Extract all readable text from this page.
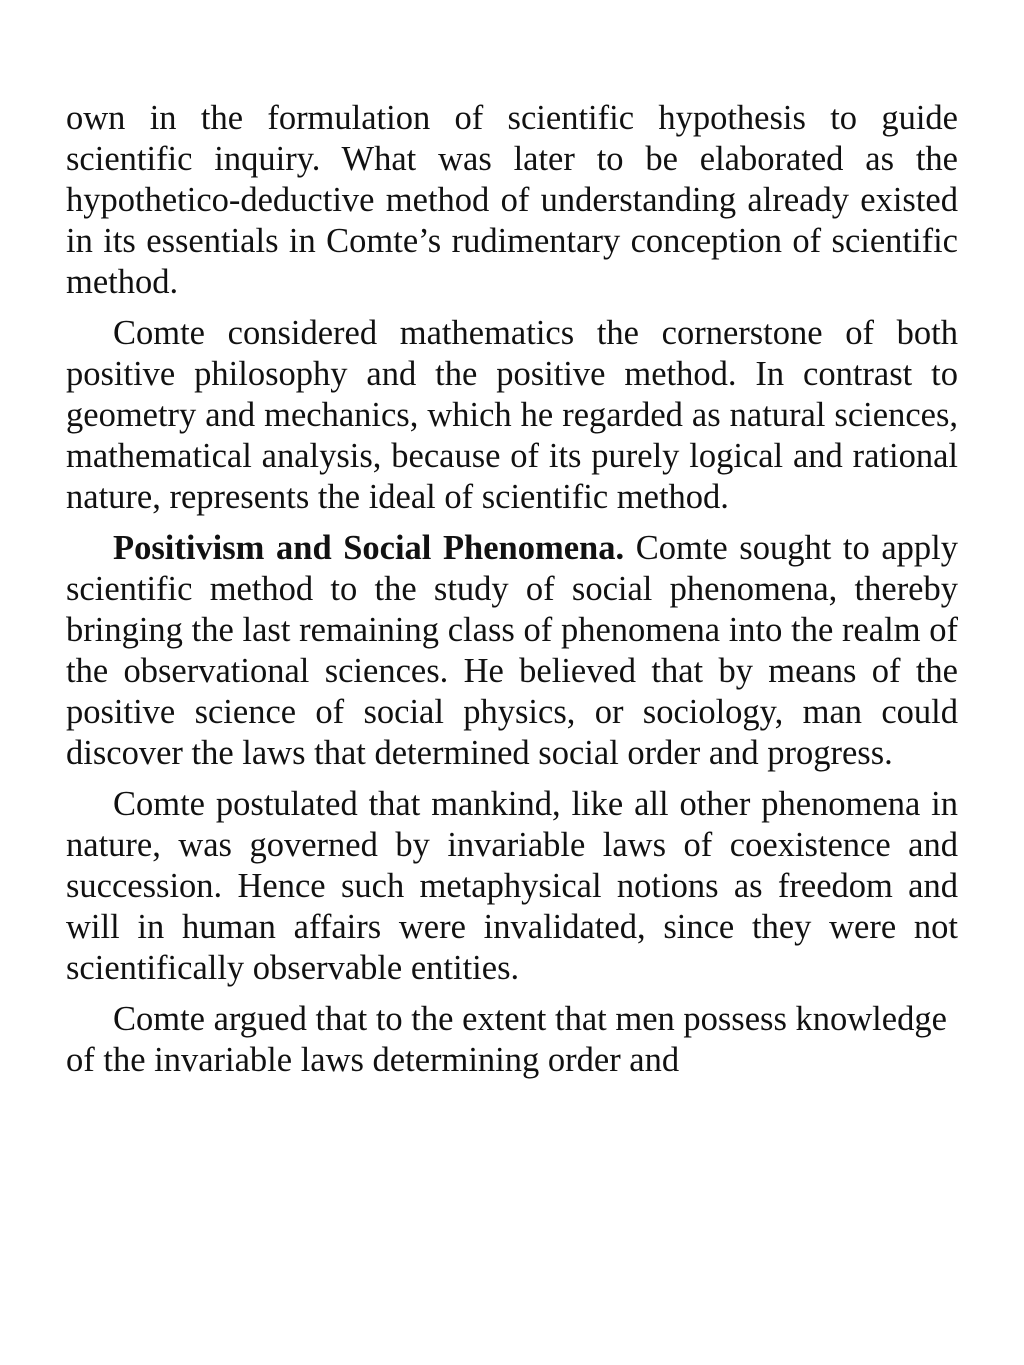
own in the formulation of scientific hypothesis to guide scientific inquiry. What was later to be elaborated as the hypothetico-deductive method of understanding already existed in its essentials in Comte’s rudimentary conception of scientific method.

Comte considered mathematics the cornerstone of both positive philosophy and the positive method. In contrast to geometry and mechanics, which he regarded as natural sciences, mathematical analysis, because of its purely logical and rational nature, represents the ideal of scientific method.

Positivism and Social Phenomena. Comte sought to apply scientific method to the study of social phenomena, thereby bringing the last remaining class of phenomena into the realm of the observational sciences. He believed that by means of the positive science of social physics, or sociology, man could discover the laws that determined social order and progress.

Comte postulated that mankind, like all other phenomena in nature, was governed by invariable laws of coexistence and succession. Hence such metaphysical notions as freedom and will in human affairs were invalidated, since they were not scientifically observable entities.

Comte argued that to the extent that men possess knowledge of the invariable laws determining order and
